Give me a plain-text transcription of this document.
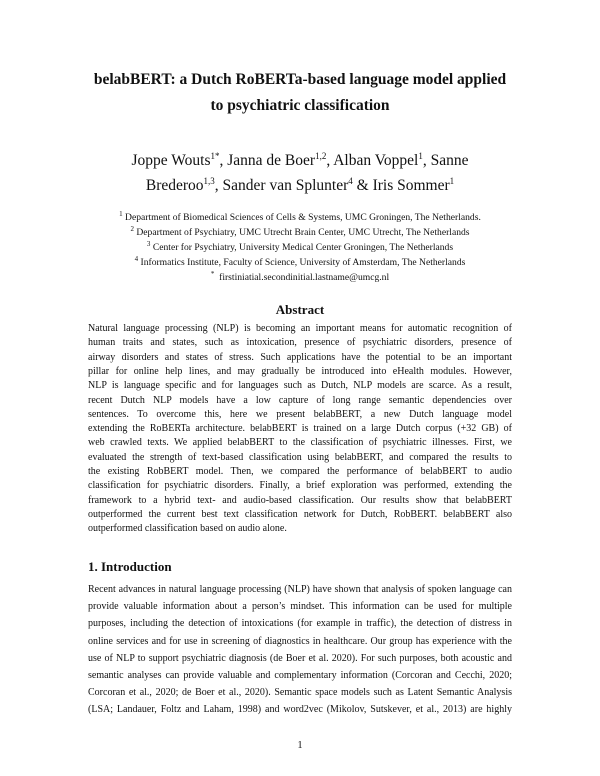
belabBERT: a Dutch RoBERTa-based language model applied
to psychiatric classification
Joppe Wouts$^{1*}$, Janna de Boer$^{1,2}$, Alban Voppel$^1$, Sanne
Brederoo$^{1,3}$, Sander van Splunter$^4$ & Iris Sommer$^1$
$^1$ Department of Biomedical Sciences of Cells & Systems, UMC Groningen, The Netherlands.
$^2$ Department of Psychiatry, UMC Utrecht Brain Center, UMC Utrecht, The Netherlands
$^3$ Center for Psychiatry, University Medical Center Groningen, The Netherlands
$^4$ Informatics Institute, Faculty of Science, University of Amsterdam, The Netherlands
*  firstiniatial.secondinitial.lastname@umcg.nl
Abstract
Natural language processing (NLP) is becoming an important means for automatic recognition of
human traits and states, such as intoxication, presence of psychiatric disorders, presence of
airway disorders and states of stress. Such applications have the potential to be an important
pillar for online help lines, and may gradually be introduced into eHealth modules. However,
NLP is language specific and for languages such as Dutch, NLP models are scarce. As a result,
recent Dutch NLP models have a low capture of long range semantic dependencies over
sentences. To overcome this, here we present belabBERT, a new Dutch language model
extending the RoBERTa architecture. belabBERT is trained on a large Dutch corpus (+32 GB) of
web crawled texts. We applied belabBERT to the classification of psychiatric illnesses. First, we
evaluated the strength of text-based classification using belabBERT, and compared the results to
the existing RobBERT model. Then, we compared the performance of belabBERT to audio
classification for psychiatric disorders. Finally, a brief exploration was performed, extending the
framework to a hybrid text- and audio-based classification. Our results show that belabBERT
outperformed the current best text classification network for Dutch, RobBERT. belabBERT also
outperformed classification based on audio alone.
1. Introduction
Recent advances in natural language processing (NLP) have shown that analysis of spoken language can
provide valuable information about a person’s mindset. This information can be used for multiple
purposes, including the detection of intoxications (for example in traffic), the detection of distress in
online services and for use in screening of diagnostics in healthcare. Our group has experience with the
use of NLP to support psychiatric diagnosis (de Boer et al. 2020). For such purposes, both acoustic and
semantic analyses can provide valuable and complementary information (Corcoran and Cecchi, 2020;
Corcoran et al., 2020; de Boer et al., 2020). Semantic space models such as Latent Semantic Analysis
(LSA; Landauer, Foltz and Laham, 1998) and word2vec (Mikolov, Sutskever, et al., 2013) are highly
1
